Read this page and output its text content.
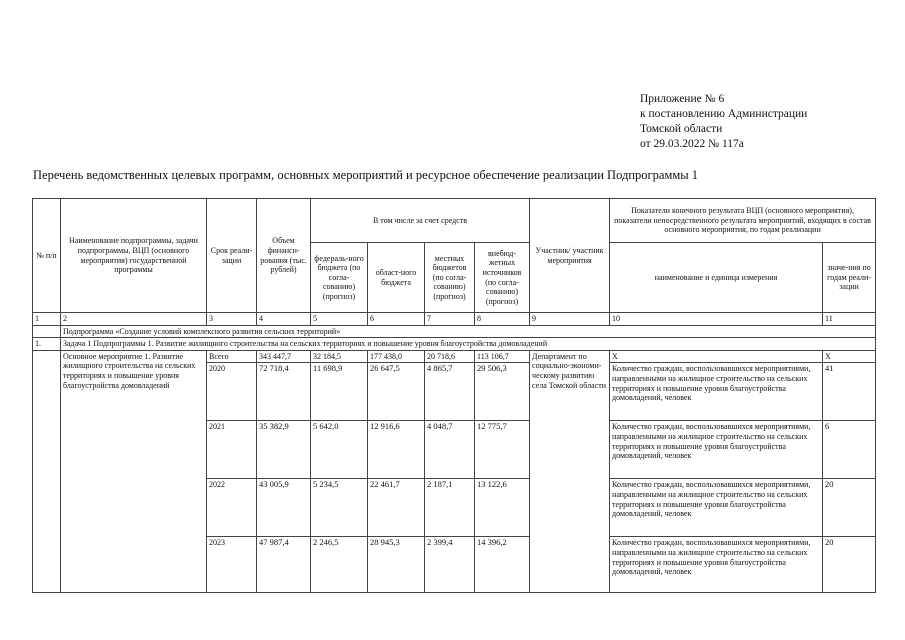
Приложение № 6
к постановлению Администрации
Томской области
от 29.03.2022 № 117а
Перечень ведомственных целевых программ, основных мероприятий и ресурсное обеспечение реализации Подпрограммы 1
№ п/п	Наименование подпрограммы, задачи подпрограммы, ВЦП (основного мероприятия) государственной программы	Срок реали-зации	Объем финанси-рования (тыс. рублей)	В том числе за счет средств				Участник/ участник мероприятия	Показатели конечного результата ВЦП (основного мероприятия), показатели непосредственного результата мероприятий, входящих в состав основного мероприятия, по годам реализации	
				федераль-ного бюджета (по согла-сованию) (прогноз)	област-ного бюджета	местных бюджетов (по согла-сованию) (прогноз)	внебюд-жетных источников (по согла-сованию) (прогноз)		наименование и единица измерения	значе-ния по годам реали-зации
1	2	3	4	5	6	7	8	9	10	11
	Подпрограмма «Создание условий комплексного развития сельских территорий»									
1.	Задача 1 Подпрограммы 1. Развитие жилищного строительства на сельских территориях и повышение уровня благоустройства домовладений									
	Основное мероприятие 1. Развитие жилищного строительства на сельских территориях и повышение уровня благоустройства домовладений	Всего	343 447,7	32 184,5	177 438,0	20 718,6	113 106,7	Департамент по социально-экономи-ческому развитию села Томской области	X	X
		2020	72 718,4	11 698,9	26 647,5	4 865,7	29 506,3		Количество граждан, воспользовавшихся мероприятиями, направленными на жилищное строительство на сельских территориях и повышение уровня благоустройства домовладений, человек	41
		2021	35 382,9	5 642,0	12 916,6	4 048,7	12 775,7		Количество граждан, воспользовавшихся мероприятиями, направленными на жилищное строительство на сельских территориях и повышение уровня благоустройства домовладений, человек	6
		2022	43 005,9	5 234,5	22 461,7	2 187,1	13 122,6		Количество граждан, воспользовавшихся мероприятиями, направленными на жилищное строительство на сельских территориях и повышение уровня благоустройства домовладений, человек	20
		2023	47 987,4	2 246,5	28 945,3	2 399,4	14 396,2		Количество граждан, воспользовавшихся мероприятиями, направленными на жилищное строительство на сельских территориях и повышение уровня благоустройства домовладений, человек	20
